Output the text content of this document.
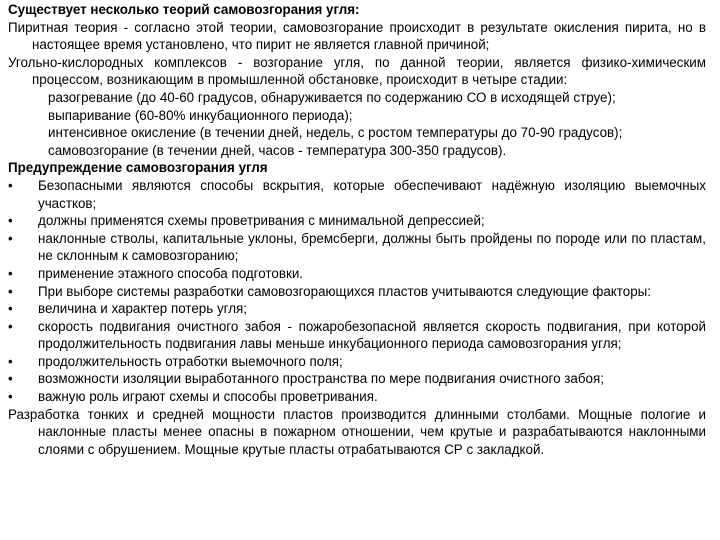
Существует несколько теорий самовозгорания угля:

Пиритная теория - согласно этой теории, самовозгорание происходит в результате окисления пирита, но в настоящее время установлено, что пирит не является главной причиной;

Угольно-кислородных комплексов - возгорание угля, по данной теории, является физико-химическим процессом, возникающим в промышленной обстановке, происходит в четыре стадии:

разогревание (до 40-60 градусов, обнаруживается по содержанию СО в исходящей струе);
выпаривание (60-80% инкубационного периода);
интенсивное окисление (в течении дней, недель, с ростом температуры до 70-90 градусов);
самовозгорание (в течении дней, часов - температура 300-350 градусов).

Предупреждение самовозгорания угля

• Безопасными являются способы вскрытия, которые обеспечивают надёжную изоляцию выемочных участков;
• должны применятся схемы проветривания с минимальной депрессией;
• наклонные стволы, капитальные уклоны, бремсберги, должны быть пройдены по породе или по пластам, не склонным к самовозгоранию;
• применение этажного способа подготовки.
• При выборе системы разработки самовозгорающихся пластов учитываются следующие факторы:
• величина и характер потерь угля;
• скорость подвигания очистного забоя - пожаробезопасной является скорость подвигания, при которой продолжительность подвигания лавы меньше инкубационного периода самовозгорания угля;
• продолжительность отработки выемочного поля;
• возможности изоляции выработанного пространства по мере подвигания очистного забоя;
• важную роль играют схемы и способы проветривания.

Разработка тонких и средней мощности пластов производится длинными столбами. Мощные пологие и наклонные пласты менее опасны в пожарном отношении, чем крутые и разрабатываются наклонными слоями с обрушением. Мощные крутые пласты отрабатываются СР с закладкой.
